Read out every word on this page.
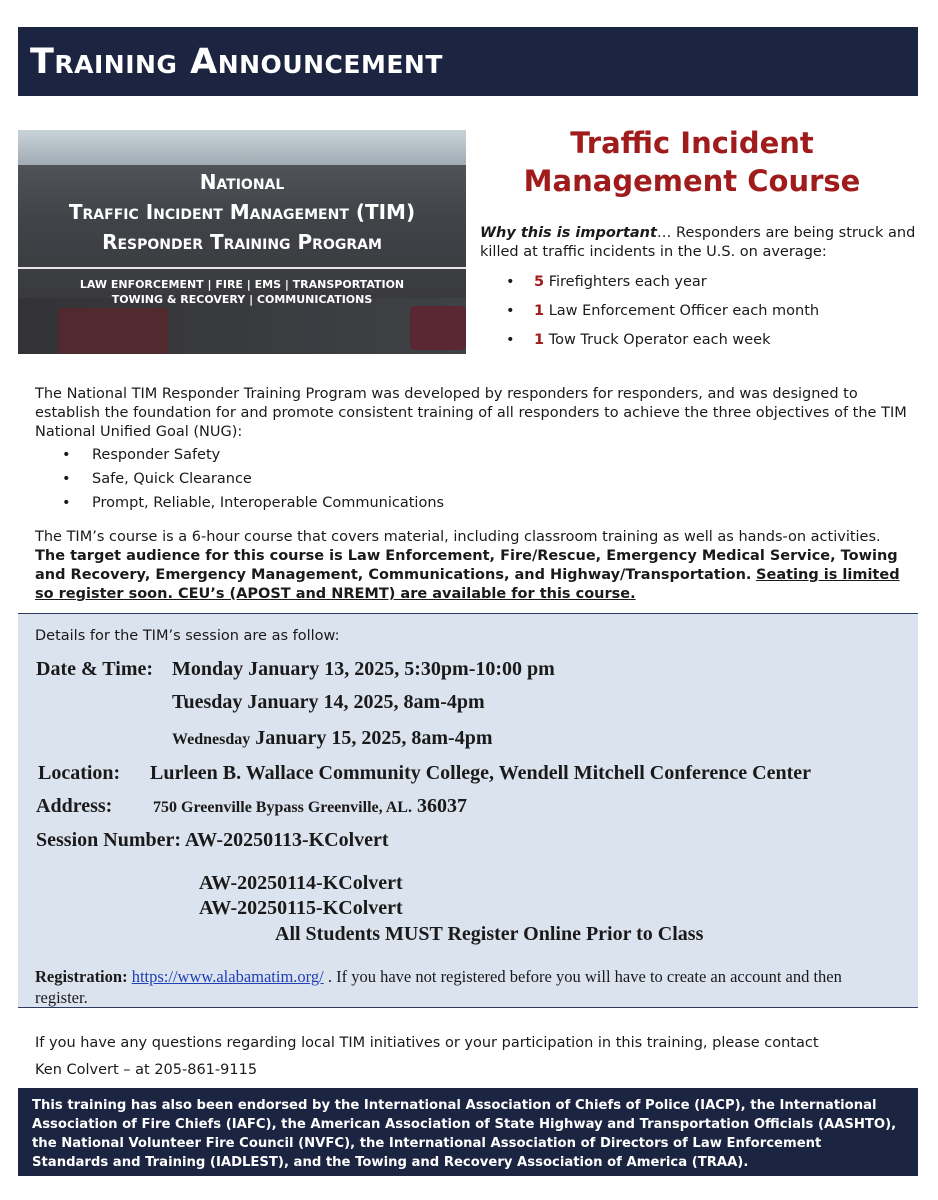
Training Announcement
National
Traffic Incident Management (TIM)
Responder Training Program
LAW ENFORCEMENT | FIRE | EMS | TRANSPORTATION
TOWING & RECOVERY | COMMUNICATIONS
Traffic Incident
Management Course
Why this is important… Responders are being struck and killed at traffic incidents in the U.S. on average:
• 5 Firefighters each year
• 1 Law Enforcement Officer each month
• 1 Tow Truck Operator each week
The National TIM Responder Training Program was developed by responders for responders, and was designed to establish the foundation for and promote consistent training of all responders to achieve the three objectives of the TIM National Unified Goal (NUG):
• Responder Safety
• Safe, Quick Clearance
• Prompt, Reliable, Interoperable Communications
The TIM’s course is a 6-hour course that covers material, including classroom training as well as hands-on activities. The target audience for this course is Law Enforcement, Fire/Rescue, Emergency Medical Service, Towing and Recovery, Emergency Management, Communications, and Highway/Transportation. Seating is limited so register soon. CEU’s (APOST and NREMT) are available for this course.
Details for the TIM’s session are as follow:
Date & Time: Monday January 13, 2025, 5:30pm-10:00 pm
Tuesday January 14, 2025, 8am-4pm
Wednesday January 15, 2025, 8am-4pm
Location: Lurleen B. Wallace Community College, Wendell Mitchell Conference Center
Address:	750 Greenville Bypass Greenville, AL. 36037
Session Number: AW-20250113-KColvert
AW-20250114-KColvert
AW-20250115-KColvert
All Students MUST Register Online Prior to Class
Registration: https://www.alabamatim.org/ . If you have not registered before you will have to create an account and then register.
If you have any questions regarding local TIM initiatives or your participation in this training, please contact
Ken Colvert – at 205-861-9115
This training has also been endorsed by the International Association of Chiefs of Police (IACP), the International Association of Fire Chiefs (IAFC), the American Association of State Highway and Transportation Officials (AASHTO), the National Volunteer Fire Council (NVFC), the International Association of Directors of Law Enforcement Standards and Training (IADLEST), and the Towing and Recovery Association of America (TRAA).
